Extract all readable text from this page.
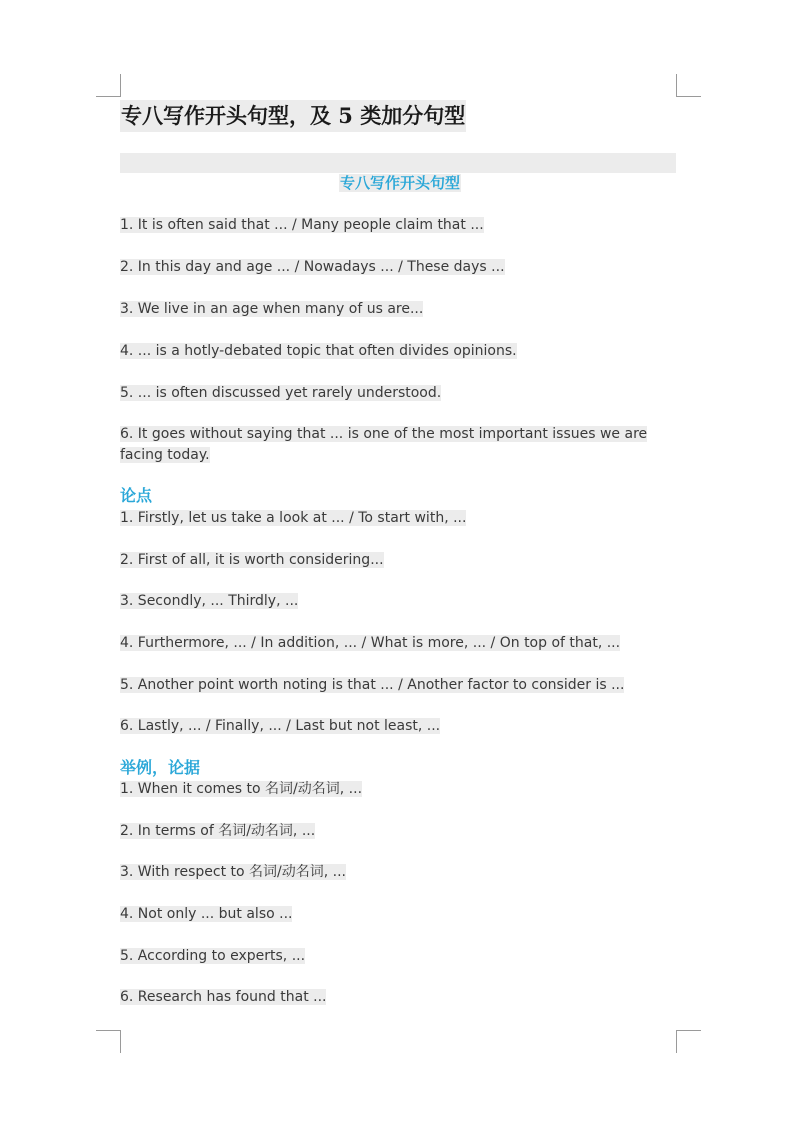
专八写作开头句型，及 5 类加分句型
专八写作开头句型

1. It is often said that ... / Many people claim that ...

2. In this day and age ... / Nowadays ... / These days ...

3. We live in an age when many of us are...

4. ... is a hotly-debated topic that often divides opinions.

5. ... is often discussed yet rarely understood.

6. It goes without saying that ... is one of the most important issues we are facing today.

论点

1. Firstly, let us take a look at ... / To start with, ...

2. First of all, it is worth considering...

3. Secondly, ... Thirdly, ...

4. Furthermore, ... / In addition, ... / What is more, ... / On top of that, ...

5. Another point worth noting is that ... / Another factor to consider is ...

6. Lastly, ... / Finally, ... / Last but not least, ...

举例，论据

1. When it comes to 名词/动名词, ...

2. In terms of 名词/动名词, ...

3. With respect to 名词/动名词, ...

4. Not only ... but also ...

5. According to experts, ...

6. Research has found that ...
